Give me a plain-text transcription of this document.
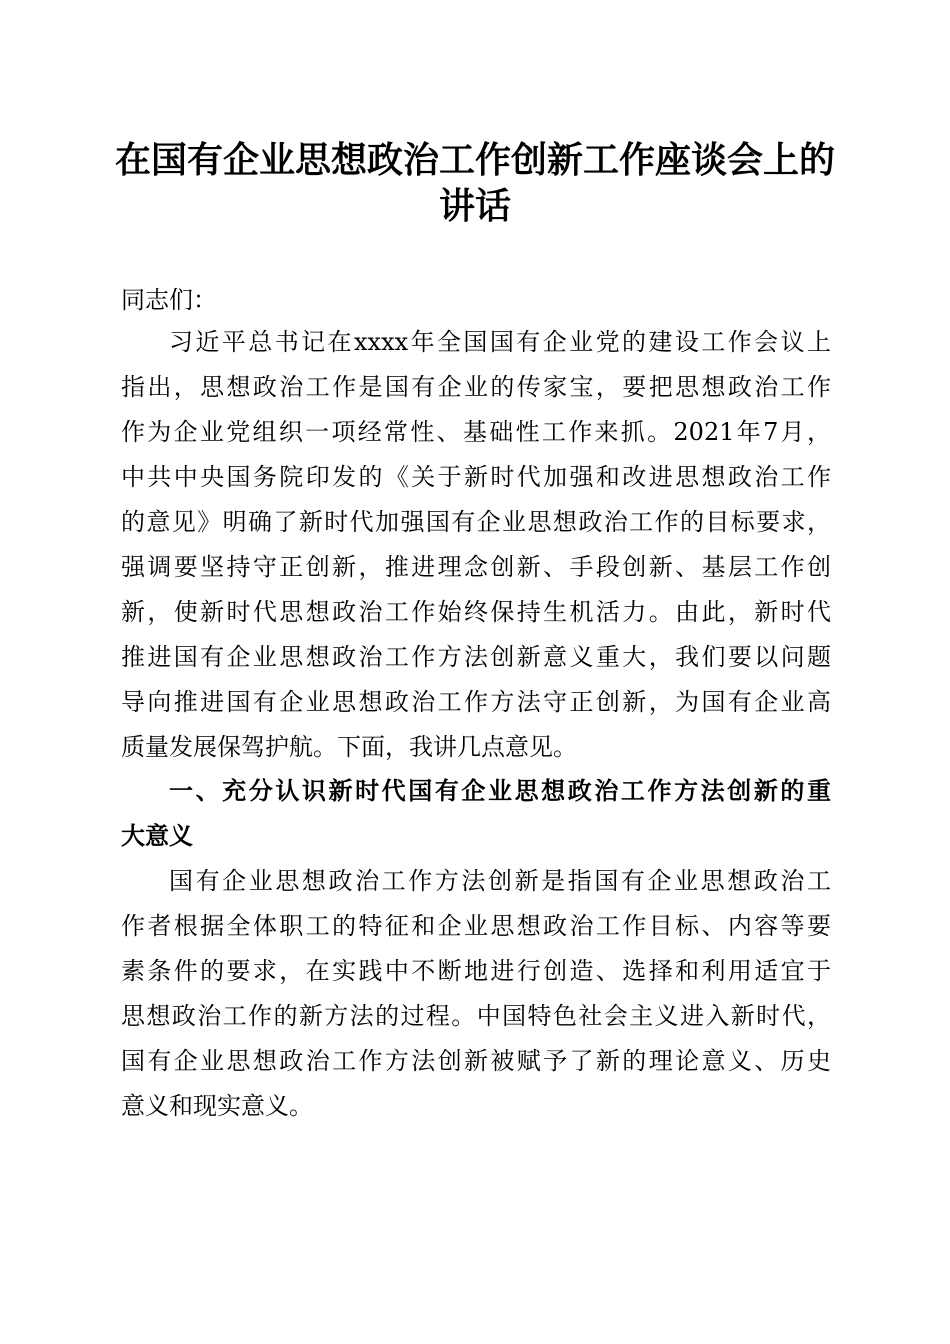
在国有企业思想政治工作创新工作座谈会上的
讲话

同志们：

习近平总书记在xxxx年全国国有企业党的建设工作会议上

指出，思想政治工作是国有企业的传家宝，要把思想政治工作

作为企业党组织一项经常性、基础性工作来抓。2021年7月，

中共中央国务院印发的《关于新时代加强和改进思想政治工作

的意见》明确了新时代加强国有企业思想政治工作的目标要求，

强调要坚持守正创新，推进理念创新、手段创新、基层工作创

新，使新时代思想政治工作始终保持生机活力。由此，新时代

推进国有企业思想政治工作方法创新意义重大，我们要以问题

导向推进国有企业思想政治工作方法守正创新，为国有企业高

质量发展保驾护航。下面，我讲几点意见。

一、充分认识新时代国有企业思想政治工作方法创新的重

大意义

国有企业思想政治工作方法创新是指国有企业思想政治工

作者根据全体职工的特征和企业思想政治工作目标、内容等要

素条件的要求，在实践中不断地进行创造、选择和利用适宜于

思想政治工作的新方法的过程。中国特色社会主义进入新时代，

国有企业思想政治工作方法创新被赋予了新的理论意义、历史

意义和现实意义。
